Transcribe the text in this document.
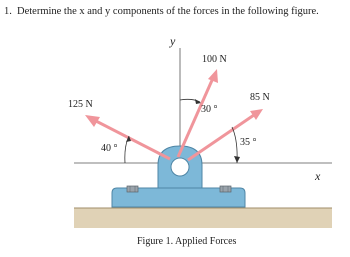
1. Determine the x and y components of the forces in the following figure.
x
y
125 N
100 N
85 N
40 °
30 °
35 °
Figure 1. Applied Forces
